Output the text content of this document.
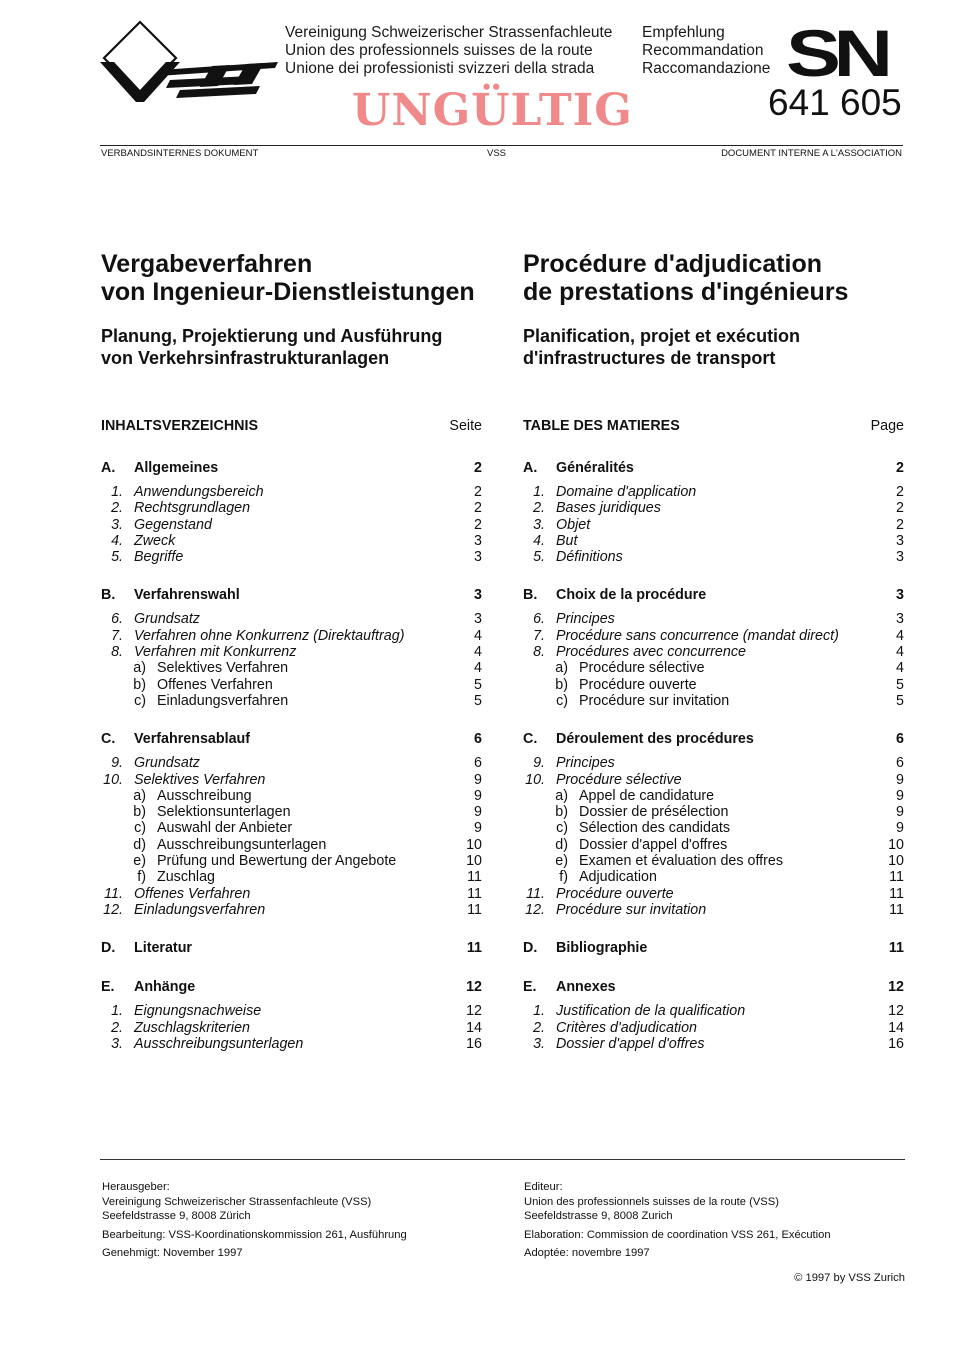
Vereinigung Schweizerischer Strassenfachleute
Union des professionnels suisses de la route
Unione dei professionisti svizzeri della strada
Empfehlung
Recommandation
Raccomandazione SN
641 605
UNGÜLTIG
VERBANDSINTERNES DOKUMENT	VSS	DOCUMENT INTERNE A L'ASSOCIATION
Vergabeverfahren
von Ingenieur-Dienstleistungen
Planung, Projektierung und Ausführung
von Verkehrsinfrastrukturanlagen
Procédure d'adjudication
de prestations d'ingénieurs
Planification, projet et exécution
d'infrastructures de transport
INHALTSVERZEICHNIS	Seite
A. Allgemeines	2
1. Anwendungsbereich	2
2. Rechtsgrundlagen	2
3. Gegenstand	2
4. Zweck	3
5. Begriffe	3
B. Verfahrenswahl	3
6. Grundsatz	3
7. Verfahren ohne Konkurrenz (Direktauftrag)	4
8. Verfahren mit Konkurrenz	4
a) Selektives Verfahren	4
b) Offenes Verfahren	5
c) Einladungsverfahren	5
C. Verfahrensablauf	6
9. Grundsatz	6
10. Selektives Verfahren	9
a) Ausschreibung	9
b) Selektionsunterlagen	9
c) Auswahl der Anbieter	9
d) Ausschreibungsunterlagen	10
e) Prüfung und Bewertung der Angebote	10
f) Zuschlag	11
11. Offenes Verfahren	11
12. Einladungsverfahren	11
D. Literatur	11
E. Anhänge	12
1. Eignungsnachweise	12
2. Zuschlagskriterien	14
3. Ausschreibungsunterlagen	16
TABLE DES MATIERES	Page
A. Généralités	2
1. Domaine d'application	2
2. Bases juridiques	2
3. Objet	2
4. But	3
5. Définitions	3
B. Choix de la procédure	3
6. Principes	3
7. Procédure sans concurrence (mandat direct)	4
8. Procédures avec concurrence	4
a) Procédure sélective	4
b) Procédure ouverte	5
c) Procédure sur invitation	5
C. Déroulement des procédures	6
9. Principes	6
10. Procédure sélective	9
a) Appel de candidature	9
b) Dossier de présélection	9
c) Sélection des candidats	9
d) Dossier d'appel d'offres	10
e) Examen et évaluation des offres	10
f) Adjudication	11
11. Procédure ouverte	11
12. Procédure sur invitation	11
D. Bibliographie	11
E. Annexes	12
1. Justification de la qualification	12
2. Critères d'adjudication	14
3. Dossier d'appel d'offres	16
Herausgeber:
Vereinigung Schweizerischer Strassenfachleute (VSS)
Seefeldstrasse 9, 8008 Zürich
Bearbeitung: VSS-Koordinationskommission 261, Ausführung
Genehmigt: November 1997
Editeur:
Union des professionnels suisses de la route (VSS)
Seefeldstrasse 9, 8008 Zurich
Elaboration: Commission de coordination VSS 261, Exécution
Adoptée: novembre 1997
© 1997 by VSS Zurich
